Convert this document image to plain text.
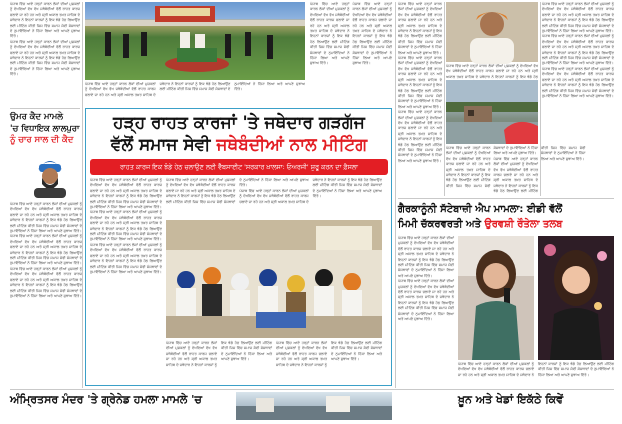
ਪੰਜਾਬ ਵਿੱਚ ਆਏ ਹੜ੍ਹਾਂ ਕਾਰਨ ਲੋਕਾਂ ਦੀਆਂ ਮੁਸ਼ਕਲਾਂ ਨੂੰ ਦੇਖਦਿਆਂ ਵੱਖ ਵੱਖ ਜਥੇਬੰਦੀਆਂ ਵੱਲੋਂ ਰਾਹਤ ਕਾਰਜ ਚਲਾਏ ਜਾ ਰਹੇ ਹਨ ਅਤੇ ਸ੍ਰੀ ਅਕਾਲ ਤਖ਼ਤ ਸਾਹਿਬ ਦੇ ਜਥੇਦਾਰ ਨੇ ਇਹਨਾਂ ਕਾਰਜਾਂ ਨੂੰ ਇਕ ਝੰਡੇ ਹੇਠ ਲਿਆਉਣ ਲਈ ਮੀਟਿੰਗ ਕੀਤੀ ਜਿਸ ਵਿੱਚ ਸਮਾਜ ਸੇਵੀ ਸੰਸਥਾਵਾਂ ਦੇ ਨੁਮਾਇੰਦਿਆਂ ਨੇ ਹਿੱਸਾ ਲਿਆ ਅਤੇ ਆਪਣੇ ਸੁਝਾਅ ਦਿੱਤੇ।

ਪੰਜਾਬ ਵਿੱਚ ਆਏ ਹੜ੍ਹਾਂ ਕਾਰਨ ਲੋਕਾਂ ਦੀਆਂ ਮੁਸ਼ਕਲਾਂ ਨੂੰ ਦੇਖਦਿਆਂ ਵੱਖ ਵੱਖ ਜਥੇਬੰਦੀਆਂ ਵੱਲੋਂ ਰਾਹਤ ਕਾਰਜ ਚਲਾਏ ਜਾ ਰਹੇ ਹਨ ਅਤੇ ਸ੍ਰੀ ਅਕਾਲ ਤਖ਼ਤ ਸਾਹਿਬ ਦੇ ਜਥੇਦਾਰ ਨੇ ਇਹਨਾਂ ਕਾਰਜਾਂ ਨੂੰ ਇਕ ਝੰਡੇ ਹੇਠ ਲਿਆਉਣ ਲਈ ਮੀਟਿੰਗ ਕੀਤੀ ਜਿਸ ਵਿੱਚ ਸਮਾਜ ਸੇਵੀ ਸੰਸਥਾਵਾਂ ਦੇ ਨੁਮਾਇੰਦਿਆਂ ਨੇ ਹਿੱਸਾ ਲਿਆ ਅਤੇ ਆਪਣੇ ਸੁਝਾਅ ਦਿੱਤੇ।

ਪੰਜਾਬ ਵਿੱਚ ਆਏ ਹੜ੍ਹਾਂ ਕਾਰਨ ਲੋਕਾਂ ਦੀਆਂ ਮੁਸ਼ਕਲਾਂ ਨੂੰ ਦੇਖਦਿਆਂ ਵੱਖ ਵੱਖ ਜਥੇਬੰਦੀਆਂ ਵੱਲੋਂ ਰਾਹਤ ਕਾਰਜ ਚਲਾਏ ਜਾ ਰਹੇ ਹਨ ਅਤੇ ਸ੍ਰੀ ਅਕਾਲ ਤਖ਼ਤ ਸਾਹਿਬ ਦੇ ਜਥੇਦਾਰ ਨੇ ਇਹਨਾਂ ਕਾਰਜਾਂ ਨੂੰ ਇਕ ਝੰਡੇ ਹੇਠ ਲਿਆਉਣ ਲਈ ਮੀਟਿੰਗ ਕੀਤੀ ਜਿਸ ਵਿੱਚ ਸਮਾਜ ਸੇਵੀ ਸੰਸਥਾਵਾਂ ਦੇ ਨੁਮਾਇੰਦਿਆਂ ਨੇ ਹਿੱਸਾ ਲਿਆ ਅਤੇ ਆਪਣੇ ਸੁਝਾਅ ਦਿੱਤੇ।

ਪੰਜਾਬ ਵਿੱਚ ਆਏ ਹੜ੍ਹਾਂ ਕਾਰਨ ਲੋਕਾਂ ਦੀਆਂ ਮੁਸ਼ਕਲਾਂ ਨੂੰ ਦੇਖਦਿਆਂ ਵੱਖ ਵੱਖ ਜਥੇਬੰਦੀਆਂ ਵੱਲੋਂ ਰਾਹਤ ਕਾਰਜ ਚਲਾਏ ਜਾ ਰਹੇ ਹਨ ਅਤੇ ਸ੍ਰੀ ਅਕਾਲ ਤਖ਼ਤ ਸਾਹਿਬ ਦੇ ਜਥੇਦਾਰ ਨੇ ਇਹਨਾਂ ਕਾਰਜਾਂ ਨੂੰ ਇਕ ਝੰਡੇ ਹੇਠ ਲਿਆਉਣ ਲਈ ਮੀਟਿੰਗ ਕੀਤੀ ਜਿਸ ਵਿੱਚ ਸਮਾਜ ਸੇਵੀ ਸੰਸਥਾਵਾਂ ਦੇ ਨੁਮਾਇੰਦਿਆਂ ਨੇ ਹਿੱਸਾ ਲਿਆ ਅਤੇ ਆਪਣੇ ਸੁਝਾਅ ਦਿੱਤੇ।

ਪੰਜਾਬ ਵਿੱਚ ਆਏ ਹੜ੍ਹਾਂ ਕਾਰਨ ਲੋਕਾਂ ਦੀਆਂ ਮੁਸ਼ਕਲਾਂ ਨੂੰ ਦੇਖਦਿਆਂ ਵੱਖ ਵੱਖ ਜਥੇਬੰਦੀਆਂ ਵੱਲੋਂ ਰਾਹਤ ਕਾਰਜ ਚਲਾਏ ਜਾ ਰਹੇ ਹਨ ਅਤੇ ਸ੍ਰੀ ਅਕਾਲ ਤਖ਼ਤ ਸਾਹਿਬ ਦੇ ਜਥੇਦਾਰ ਨੇ ਇਹਨਾਂ ਕਾਰਜਾਂ ਨੂੰ ਇਕ ਝੰਡੇ ਹੇਠ ਲਿਆਉਣ ਲਈ ਮੀਟਿੰਗ ਕੀਤੀ ਜਿਸ ਵਿੱਚ ਸਮਾਜ ਸੇਵੀ ਸੰਸਥਾਵਾਂ ਦੇ ਨੁਮਾਇੰਦਿਆਂ ਨੇ ਹਿੱਸਾ ਲਿਆ ਅਤੇ ਆਪਣੇ ਸੁਝਾਅ ਦਿੱਤੇ।

ਪੰਜਾਬ ਵਿੱਚ ਆਏ ਹੜ੍ਹਾਂ ਕਾਰਨ ਲੋਕਾਂ ਦੀਆਂ ਮੁਸ਼ਕਲਾਂ ਨੂੰ ਦੇਖਦਿਆਂ ਵੱਖ ਵੱਖ ਜਥੇਬੰਦੀਆਂ ਵੱਲੋਂ ਰਾਹਤ ਕਾਰਜ ਚਲਾਏ ਜਾ ਰਹੇ ਹਨ ਅਤੇ ਸ੍ਰੀ ਅਕਾਲ ਤਖ਼ਤ ਸਾਹਿਬ ਦੇ ਜਥੇਦਾਰ ਨੇ ਇਹਨਾਂ ਕਾਰਜਾਂ ਨੂੰ ਇਕ ਝੰਡੇ ਹੇਠ ਲਿਆਉਣ ਲਈ ਮੀਟਿੰਗ ਕੀਤੀ ਜਿਸ ਵਿੱਚ ਸਮਾਜ ਸੇਵੀ ਸੰਸਥਾਵਾਂ ਦੇ ਨੁਮਾਇੰਦਿਆਂ ਨੇ ਹਿੱਸਾ ਲਿਆ ਅਤੇ ਆਪਣੇ ਸੁਝਾਅ ਦਿੱਤੇ।

ਪੰਜਾਬ ਵਿੱਚ ਆਏ ਹੜ੍ਹਾਂ ਕਾਰਨ ਲੋਕਾਂ ਦੀਆਂ ਮੁਸ਼ਕਲਾਂ ਨੂੰ ਦੇਖਦਿਆਂ ਵੱਖ ਵੱਖ ਜਥੇਬੰਦੀਆਂ ਵੱਲੋਂ ਰਾਹਤ ਕਾਰਜ ਚਲਾਏ ਜਾ ਰਹੇ ਹਨ ਅਤੇ ਸ੍ਰੀ ਅਕਾਲ ਤਖ਼ਤ ਸਾਹਿਬ ਦੇ ਜਥੇਦਾਰ ਨੇ ਇਹਨਾਂ ਕਾਰਜਾਂ ਨੂੰ ਇਕ ਝੰਡੇ ਹੇਠ ਲਿਆਉਣ ਲਈ ਮੀਟਿੰਗ ਕੀਤੀ ਜਿਸ ਵਿੱਚ ਸਮਾਜ ਸੇਵੀ ਸੰਸਥਾਵਾਂ ਦੇ ਨੁਮਾਇੰਦਿਆਂ ਨੇ ਹਿੱਸਾ ਲਿਆ ਅਤੇ ਆਪਣੇ ਸੁਝਾਅ ਦਿੱਤੇ।

ਪੰਜਾਬ ਵਿੱਚ ਆਏ ਹੜ੍ਹਾਂ ਕਾਰਨ ਲੋਕਾਂ ਦੀਆਂ ਮੁਸ਼ਕਲਾਂ ਨੂੰ ਦੇਖਦਿਆਂ ਵੱਖ ਵੱਖ ਜਥੇਬੰਦੀਆਂ ਵੱਲੋਂ ਰਾਹਤ ਕਾਰਜ ਚਲਾਏ ਜਾ ਰਹੇ ਹਨ ਅਤੇ ਸ੍ਰੀ ਅਕਾਲ ਤਖ਼ਤ ਸਾਹਿਬ ਦੇ ਜਥੇਦਾਰ ਨੇ ਇਹਨਾਂ ਕਾਰਜਾਂ ਨੂੰ ਇਕ ਝੰਡੇ ਹੇਠ ਲਿਆਉਣ ਲਈ ਮੀਟਿੰਗ ਕੀਤੀ ਜਿਸ ਵਿੱਚ ਸਮਾਜ ਸੇਵੀ ਸੰਸਥਾਵਾਂ ਦੇ ਨੁਮਾਇੰਦਿਆਂ ਨੇ ਹਿੱਸਾ ਲਿਆ ਅਤੇ ਆਪਣੇ ਸੁਝਾਅ ਦਿੱਤੇ।

ਪੰਜਾਬ ਵਿੱਚ ਆਏ ਹੜ੍ਹਾਂ ਕਾਰਨ ਲੋਕਾਂ ਦੀਆਂ ਮੁਸ਼ਕਲਾਂ ਨੂੰ ਦੇਖਦਿਆਂ ਵੱਖ ਵੱਖ ਜਥੇਬੰਦੀਆਂ ਵੱਲੋਂ ਰਾਹਤ ਕਾਰਜ ਚਲਾਏ ਜਾ ਰਹੇ ਹਨ ਅਤੇ ਸ੍ਰੀ ਅਕਾਲ ਤਖ਼ਤ ਸਾਹਿਬ ਦੇ ਜਥੇਦਾਰ ਨੇ ਇਹਨਾਂ ਕਾਰਜਾਂ ਨੂੰ ਇਕ ਝੰਡੇ ਹੇਠ

ਪੰਜਾਬ ਵਿੱਚ ਆਏ ਹੜ੍ਹਾਂ ਕਾਰਨ ਲੋਕਾਂ ਦੀਆਂ ਮੁਸ਼ਕਲਾਂ ਨੂੰ ਦੇਖਦਿਆਂ ਵੱਖ ਵੱਖ ਜਥੇਬੰਦੀਆਂ ਵੱਲੋਂ ਰਾਹਤ ਕਾਰਜ ਚਲਾਏ ਜਾ ਰਹੇ ਹਨ ਅਤੇ ਸ੍ਰੀ ਅਕਾਲ ਤਖ਼ਤ ਸਾਹਿਬ ਦੇ ਜਥੇਦਾਰ ਨੇ ਇਹਨਾਂ ਕਾਰਜਾਂ ਨੂੰ ਇਕ ਝੰਡੇ ਹੇਠ ਲਿਆਉਣ ਲਈ ਮੀਟਿੰਗ ਕੀਤੀ ਜਿਸ ਵਿੱਚ ਸਮਾਜ ਸੇਵੀ ਸੰਸਥਾਵਾਂ ਦੇ ਨੁਮਾਇੰਦਿਆਂ ਨੇ ਹਿੱਸਾ ਲਿਆ ਅਤੇ ਆਪਣੇ ਸੁਝਾਅ ਦਿੱਤੇ।

ਪੰਜਾਬ ਵਿੱਚ ਆਏ ਹੜ੍ਹਾਂ ਕਾਰਨ ਲੋਕਾਂ ਦੀਆਂ ਮੁਸ਼ਕਲਾਂ ਨੂੰ ਦੇਖਦਿਆਂ ਵੱਖ ਵੱਖ ਜਥੇਬੰਦੀਆਂ ਵੱਲੋਂ ਰਾਹਤ ਕਾਰਜ ਚਲਾਏ ਜਾ ਰਹੇ ਹਨ ਅਤੇ ਸ੍ਰੀ ਅਕਾਲ ਤਖ਼ਤ ਸਾਹਿਬ ਦੇ ਜਥੇਦਾਰ ਨੇ ਇਹਨਾਂ ਕਾਰਜਾਂ ਨੂੰ ਇਕ ਝੰਡੇ ਹੇਠ ਲਿਆਉਣ ਲਈ ਮੀਟਿੰਗ ਕੀਤੀ ਜਿਸ ਵਿੱਚ ਸਮਾਜ ਸੇਵੀ ਸੰਸਥਾਵਾਂ ਦੇ ਨੁਮਾਇੰਦਿਆਂ ਨੇ ਹਿੱਸਾ ਲਿਆ ਅਤੇ ਆਪਣੇ ਸੁਝਾਅ ਦਿੱਤੇ।

ਪੰਜਾਬ ਵਿੱਚ ਆਏ ਹੜ੍ਹਾਂ ਕਾਰਨ ਲੋਕਾਂ ਦੀਆਂ ਮੁਸ਼ਕਲਾਂ ਨੂੰ ਦੇਖਦਿਆਂ ਵੱਖ ਵੱਖ ਜਥੇਬੰਦੀਆਂ ਵੱਲੋਂ ਰਾਹਤ ਕਾਰਜ ਚਲਾਏ ਜਾ ਰਹੇ ਹਨ ਅਤੇ ਸ੍ਰੀ ਅਕਾਲ ਤਖ਼ਤ ਸਾਹਿਬ ਦੇ ਜਥੇਦਾਰ ਨੇ ਇਹਨਾਂ ਕਾਰਜਾਂ ਨੂੰ ਇਕ ਝੰਡੇ ਹੇਠ ਲਿਆਉਣ ਲਈ ਮੀਟਿੰਗ ਕੀਤੀ ਜਿਸ ਵਿੱਚ ਸਮਾਜ ਸੇਵੀ ਸੰਸਥਾਵਾਂ ਦੇ ਨੁਮਾਇੰਦਿਆਂ ਨੇ ਹਿੱਸਾ ਲਿਆ ਅਤੇ ਆਪਣੇ ਸੁਝਾਅ ਦਿੱਤੇ।

ਪੰਜਾਬ ਵਿੱਚ ਆਏ ਹੜ੍ਹਾਂ ਕਾਰਨ ਲੋਕਾਂ ਦੀਆਂ ਮੁਸ਼ਕਲਾਂ ਨੂੰ ਦੇਖਦਿਆਂ ਵੱਖ ਵੱਖ ਜਥੇਬੰਦੀਆਂ ਵੱਲੋਂ ਰਾਹਤ ਕਾਰਜ ਚਲਾਏ ਜਾ ਰਹੇ ਹਨ ਅਤੇ ਸ੍ਰੀ ਅਕਾਲ ਤਖ਼ਤ ਸਾਹਿਬ ਦੇ ਜਥੇਦਾਰ ਨੇ ਇਹਨਾਂ ਕਾਰਜਾਂ ਨੂੰ ਇਕ ਝੰਡੇ ਹੇਠ ਲਿਆਉਣ ਲਈ ਮੀਟਿੰਗ ਕੀਤੀ ਜਿਸ ਵਿੱਚ ਸਮਾਜ ਸੇਵੀ ਸੰਸਥਾਵਾਂ ਦੇ ਨੁਮਾਇੰਦਿਆਂ ਨੇ ਹਿੱਸਾ ਲਿਆ ਅਤੇ ਆਪਣੇ ਸੁਝਾਅ ਦਿੱਤੇ।

ਪੰਜਾਬ ਵਿੱਚ ਆਏ ਹੜ੍ਹਾਂ ਕਾਰਨ ਲੋਕਾਂ ਦੀਆਂ ਮੁਸ਼ਕਲਾਂ ਨੂੰ ਦੇਖਦਿਆਂ ਵੱਖ ਵੱਖ ਜਥੇਬੰਦੀਆਂ ਵੱਲੋਂ ਰਾਹਤ ਕਾਰਜ ਚਲਾਏ ਜਾ ਰਹੇ ਹਨ ਅਤੇ ਸ੍ਰੀ ਅਕਾਲ ਤਖ਼ਤ ਸਾਹਿਬ ਦੇ ਜਥੇਦਾਰ ਨੇ ਇਹਨਾਂ ਕਾਰਜਾਂ ਨੂੰ ਇਕ ਝੰਡੇ ਹੇਠ ਲਿਆਉਣ ਲਈ ਮੀਟਿੰਗ ਕੀਤੀ ਜਿਸ ਵਿੱਚ ਸਮਾਜ ਸੇਵੀ ਸੰਸਥਾਵਾਂ ਦੇ ਨੁਮਾਇੰਦਿਆਂ ਨੇ ਹਿੱਸਾ ਲਿਆ ਅਤੇ ਆਪਣੇ ਸੁਝਾਅ ਦਿੱਤੇ।

ਹੜ੍ਹ ਰਾਹਤ ਕਾਰਜਾਂ 'ਤੇ ਜਥੇਦਾਰ ਗੜਗੱਜ
ਵੱਲੋਂ ਸਮਾਜ ਸੇਵੀ ਜਥੇਬੰਦੀਆਂ ਨਾਲ ਮੀਟਿੰਗ
ਰਾਹਤ ਕਾਰਜ ਇਕ ਝੰਡੇ ਹੇਠ ਚਲਾਉਣ ਲਈ ਵੈੱਬਸਾਈਟ 'ਸਰਕਾਰ ਖ਼ਾਲਸਾ: ਓਅਰਜੀ' ਸ਼ੁਰੂ ਕਰਨ ਦਾ ਫ਼ੈਸਲਾ

ਪੰਜਾਬ ਵਿੱਚ ਆਏ ਹੜ੍ਹਾਂ ਕਾਰਨ ਲੋਕਾਂ ਦੀਆਂ ਮੁਸ਼ਕਲਾਂ ਨੂੰ ਦੇਖਦਿਆਂ ਵੱਖ ਵੱਖ ਜਥੇਬੰਦੀਆਂ ਵੱਲੋਂ ਰਾਹਤ ਕਾਰਜ ਚਲਾਏ ਜਾ ਰਹੇ ਹਨ ਅਤੇ ਸ੍ਰੀ ਅਕਾਲ ਤਖ਼ਤ ਸਾਹਿਬ ਦੇ ਜਥੇਦਾਰ ਨੇ ਇਹਨਾਂ ਕਾਰਜਾਂ ਨੂੰ ਇਕ ਝੰਡੇ ਹੇਠ ਲਿਆਉਣ ਲਈ ਮੀਟਿੰਗ ਕੀਤੀ ਜਿਸ ਵਿੱਚ ਸਮਾਜ ਸੇਵੀ ਸੰਸਥਾਵਾਂ ਦੇ ਨੁਮਾਇੰਦਿਆਂ ਨੇ ਹਿੱਸਾ ਲਿਆ ਅਤੇ ਆਪਣੇ ਸੁਝਾਅ ਦਿੱਤੇ।

ਪੰਜਾਬ ਵਿੱਚ ਆਏ ਹੜ੍ਹਾਂ ਕਾਰਨ ਲੋਕਾਂ ਦੀਆਂ ਮੁਸ਼ਕਲਾਂ ਨੂੰ ਦੇਖਦਿਆਂ ਵੱਖ ਵੱਖ ਜਥੇਬੰਦੀਆਂ ਵੱਲੋਂ ਰਾਹਤ ਕਾਰਜ ਚਲਾਏ ਜਾ ਰਹੇ ਹਨ ਅਤੇ ਸ੍ਰੀ ਅਕਾਲ ਤਖ਼ਤ ਸਾਹਿਬ ਦੇ ਜਥੇਦਾਰ ਨੇ ਇਹਨਾਂ ਕਾਰਜਾਂ ਨੂੰ ਇਕ ਝੰਡੇ ਹੇਠ ਲਿਆਉਣ ਲਈ ਮੀਟਿੰਗ ਕੀਤੀ ਜਿਸ ਵਿੱਚ ਸਮਾਜ ਸੇਵੀ ਸੰਸਥਾਵਾਂ ਦੇ ਨੁਮਾਇੰਦਿਆਂ ਨੇ ਹਿੱਸਾ ਲਿਆ ਅਤੇ ਆਪਣੇ ਸੁਝਾਅ ਦਿੱਤੇ।

ਪੰਜਾਬ ਵਿੱਚ ਆਏ ਹੜ੍ਹਾਂ ਕਾਰਨ ਲੋਕਾਂ ਦੀਆਂ ਮੁਸ਼ਕਲਾਂ ਨੂੰ ਦੇਖਦਿਆਂ ਵੱਖ ਵੱਖ ਜਥੇਬੰਦੀਆਂ ਵੱਲੋਂ ਰਾਹਤ ਕਾਰਜ ਚਲਾਏ ਜਾ ਰਹੇ ਹਨ ਅਤੇ ਸ੍ਰੀ ਅਕਾਲ ਤਖ਼ਤ ਸਾਹਿਬ ਦੇ ਜਥੇਦਾਰ ਨੇ ਇਹਨਾਂ ਕਾਰਜਾਂ ਨੂੰ ਇਕ ਝੰਡੇ ਹੇਠ ਲਿਆਉਣ ਲਈ ਮੀਟਿੰਗ ਕੀਤੀ ਜਿਸ ਵਿੱਚ ਸਮਾਜ ਸੇਵੀ ਸੰਸਥਾਵਾਂ ਦੇ ਨੁਮਾਇੰਦਿਆਂ ਨੇ ਹਿੱਸਾ ਲਿਆ ਅਤੇ ਆਪਣੇ ਸੁਝਾਅ ਦਿੱਤੇ।

ਪੰਜਾਬ ਵਿੱਚ ਆਏ ਹੜ੍ਹਾਂ ਕਾਰਨ ਲੋਕਾਂ ਦੀਆਂ ਮੁਸ਼ਕਲਾਂ ਨੂੰ ਦੇਖਦਿਆਂ ਵੱਖ ਵੱਖ ਜਥੇਬੰਦੀਆਂ ਵੱਲੋਂ ਰਾਹਤ ਕਾਰਜ ਚਲਾਏ ਜਾ ਰਹੇ ਹਨ ਅਤੇ ਸ੍ਰੀ ਅਕਾਲ ਤਖ਼ਤ ਸਾਹਿਬ ਦੇ ਜਥੇਦਾਰ ਨੇ ਇਹਨਾਂ ਕਾਰਜਾਂ ਨੂੰ ਇਕ ਝੰਡੇ ਹੇਠ ਲਿਆਉਣ ਲਈ ਮੀਟਿੰਗ ਕੀਤੀ ਜਿਸ ਵਿੱਚ ਸਮਾਜ ਸੇਵੀ ਸੰਸਥਾਵਾਂ ਦੇ ਨੁਮਾਇੰਦਿਆਂ ਨੇ ਹਿੱਸਾ ਲਿਆ ਅਤੇ ਆਪਣੇ ਸੁਝਾਅ ਦਿੱਤੇ।

ਪੰਜਾਬ ਵਿੱਚ ਆਏ ਹੜ੍ਹਾਂ ਕਾਰਨ ਲੋਕਾਂ ਦੀਆਂ ਮੁਸ਼ਕਲਾਂ ਨੂੰ ਦੇਖਦਿਆਂ ਵੱਖ ਵੱਖ ਜਥੇਬੰਦੀਆਂ ਵੱਲੋਂ ਰਾਹਤ ਕਾਰਜ ਚਲਾਏ ਜਾ ਰਹੇ ਹਨ ਅਤੇ ਸ੍ਰੀ ਅਕਾਲ ਤਖ਼ਤ ਸਾਹਿਬ ਦੇ ਜਥੇਦਾਰ ਨੇ ਇਹਨਾਂ ਕਾਰਜਾਂ ਨੂੰ ਇਕ ਝੰਡੇ ਹੇਠ ਲਿਆਉਣ ਲਈ ਮੀਟਿੰਗ ਕੀਤੀ ਜਿਸ ਵਿੱਚ ਸਮਾਜ ਸੇਵੀ ਸੰਸਥਾਵਾਂ ਦੇ ਨੁਮਾਇੰਦਿਆਂ ਨੇ ਹਿੱਸਾ ਲਿਆ ਅਤੇ ਆਪਣੇ ਸੁਝਾਅ ਦਿੱਤੇ।

ਪੰਜਾਬ ਵਿੱਚ ਆਏ ਹੜ੍ਹਾਂ ਕਾਰਨ ਲੋਕਾਂ ਦੀਆਂ ਮੁਸ਼ਕਲਾਂ ਨੂੰ ਦੇਖਦਿਆਂ ਵੱਖ ਵੱਖ ਜਥੇਬੰਦੀਆਂ ਵੱਲੋਂ ਰਾਹਤ ਕਾਰਜ ਚਲਾਏ ਜਾ ਰਹੇ ਹਨ ਅਤੇ ਸ੍ਰੀ ਅਕਾਲ ਤਖ਼ਤ ਸਾਹਿਬ ਦੇ ਜਥੇਦਾਰ ਨੇ ਇਹਨਾਂ ਕਾਰਜਾਂ ਨੂੰ ਇਕ ਝੰਡੇ ਹੇਠ ਲਿਆਉਣ ਲਈ ਮੀਟਿੰਗ ਕੀਤੀ ਜਿਸ ਵਿੱਚ ਸਮਾਜ ਸੇਵੀ ਸੰਸਥਾਵਾਂ ਦੇ ਨੁਮਾਇੰਦਿਆਂ ਨੇ ਹਿੱਸਾ ਲਿਆ ਅਤੇ ਆਪਣੇ ਸੁਝਾਅ ਦਿੱਤੇ।

ਪੰਜਾਬ ਵਿੱਚ ਆਏ ਹੜ੍ਹਾਂ ਕਾਰਨ ਲੋਕਾਂ ਦੀਆਂ ਮੁਸ਼ਕਲਾਂ ਨੂੰ ਦੇਖਦਿਆਂ ਵੱਖ ਵੱਖ ਜਥੇਬੰਦੀਆਂ ਵੱਲੋਂ ਰਾਹਤ ਕਾਰਜ ਚਲਾਏ ਜਾ ਰਹੇ ਹਨ ਅਤੇ ਸ੍ਰੀ ਅਕਾਲ ਤਖ਼ਤ ਸਾਹਿਬ ਦੇ ਜਥੇਦਾਰ ਨੇ ਇਹਨਾਂ ਕਾਰਜਾਂ ਨੂੰ ਇਕ ਝੰਡੇ ਹੇਠ ਲਿਆਉਣ ਲਈ ਮੀਟਿੰਗ ਕੀਤੀ ਜਿਸ ਵਿੱਚ ਸਮਾਜ ਸੇਵੀ ਸੰਸਥਾਵਾਂ ਦੇ ਨੁਮਾਇੰਦਿਆਂ ਨੇ ਹਿੱਸਾ ਲਿਆ ਅਤੇ ਆਪਣੇ ਸੁਝਾਅ ਦਿੱਤੇ।

ਉਮਰ ਕੈਦ ਮਾਮਲੇ
'ਚ ਵਿਧਾਇਕ ਲਾਲਪੁਰਾ
ਨੂੰ ਚਾਰ ਸਾਲ ਦੀ ਕੈਦ

ਪੰਜਾਬ ਵਿੱਚ ਆਏ ਹੜ੍ਹਾਂ ਕਾਰਨ ਲੋਕਾਂ ਦੀਆਂ ਮੁਸ਼ਕਲਾਂ ਨੂੰ ਦੇਖਦਿਆਂ ਵੱਖ ਵੱਖ ਜਥੇਬੰਦੀਆਂ ਵੱਲੋਂ ਰਾਹਤ ਕਾਰਜ ਚਲਾਏ ਜਾ ਰਹੇ ਹਨ ਅਤੇ ਸ੍ਰੀ ਅਕਾਲ ਤਖ਼ਤ ਸਾਹਿਬ ਦੇ ਜਥੇਦਾਰ ਨੇ ਇਹਨਾਂ ਕਾਰਜਾਂ ਨੂੰ ਇਕ ਝੰਡੇ ਹੇਠ ਲਿਆਉਣ ਲਈ ਮੀਟਿੰਗ ਕੀਤੀ ਜਿਸ ਵਿੱਚ ਸਮਾਜ ਸੇਵੀ ਸੰਸਥਾਵਾਂ ਦੇ ਨੁਮਾਇੰਦਿਆਂ ਨੇ ਹਿੱਸਾ ਲਿਆ ਅਤੇ ਆਪਣੇ ਸੁਝਾਅ ਦਿੱਤੇ।

ਪੰਜਾਬ ਵਿੱਚ ਆਏ ਹੜ੍ਹਾਂ ਕਾਰਨ ਲੋਕਾਂ ਦੀਆਂ ਮੁਸ਼ਕਲਾਂ ਨੂੰ ਦੇਖਦਿਆਂ ਵੱਖ ਵੱਖ ਜਥੇਬੰਦੀਆਂ ਵੱਲੋਂ ਰਾਹਤ ਕਾਰਜ ਚਲਾਏ ਜਾ ਰਹੇ ਹਨ ਅਤੇ ਸ੍ਰੀ ਅਕਾਲ ਤਖ਼ਤ ਸਾਹਿਬ ਦੇ ਜਥੇਦਾਰ ਨੇ ਇਹਨਾਂ ਕਾਰਜਾਂ ਨੂੰ ਇਕ ਝੰਡੇ ਹੇਠ ਲਿਆਉਣ ਲਈ ਮੀਟਿੰਗ ਕੀਤੀ ਜਿਸ ਵਿੱਚ ਸਮਾਜ ਸੇਵੀ ਸੰਸਥਾਵਾਂ ਦੇ ਨੁਮਾਇੰਦਿਆਂ ਨੇ ਹਿੱਸਾ ਲਿਆ ਅਤੇ ਆਪਣੇ ਸੁਝਾਅ ਦਿੱਤੇ।

ਪੰਜਾਬ ਵਿੱਚ ਆਏ ਹੜ੍ਹਾਂ ਕਾਰਨ ਲੋਕਾਂ ਦੀਆਂ ਮੁਸ਼ਕਲਾਂ ਨੂੰ ਦੇਖਦਿਆਂ ਵੱਖ ਵੱਖ ਜਥੇਬੰਦੀਆਂ ਵੱਲੋਂ ਰਾਹਤ ਕਾਰਜ ਚਲਾਏ ਜਾ ਰਹੇ ਹਨ ਅਤੇ ਸ੍ਰੀ ਅਕਾਲ ਤਖ਼ਤ ਸਾਹਿਬ ਦੇ ਜਥੇਦਾਰ ਨੇ ਇਹਨਾਂ ਕਾਰਜਾਂ ਨੂੰ ਇਕ ਝੰਡੇ ਹੇਠ ਲਿਆਉਣ ਲਈ ਮੀਟਿੰਗ ਕੀਤੀ ਜਿਸ ਵਿੱਚ ਸਮਾਜ ਸੇਵੀ ਸੰਸਥਾਵਾਂ ਦੇ ਨੁਮਾਇੰਦਿਆਂ ਨੇ ਹਿੱਸਾ ਲਿਆ ਅਤੇ ਆਪਣੇ ਸੁਝਾਅ ਦਿੱਤੇ।

ਗੈਰਕਾਨੂੰਨੀ ਸੱਟੇਬਾਜ਼ੀ ਐਪ ਮਾਮਲਾ: ਈਡੀ ਵੱਲੋਂ
ਮਿਮੀ ਚੱਕਰਵਰਤੀ ਅਤੇ ਉਰਵਸ਼ੀ ਰੌਤੇਲਾ ਤਲਬ

ਪੰਜਾਬ ਵਿੱਚ ਆਏ ਹੜ੍ਹਾਂ ਕਾਰਨ ਲੋਕਾਂ ਦੀਆਂ ਮੁਸ਼ਕਲਾਂ ਨੂੰ ਦੇਖਦਿਆਂ ਵੱਖ ਵੱਖ ਜਥੇਬੰਦੀਆਂ ਵੱਲੋਂ ਰਾਹਤ ਕਾਰਜ ਚਲਾਏ ਜਾ ਰਹੇ ਹਨ ਅਤੇ ਸ੍ਰੀ ਅਕਾਲ ਤਖ਼ਤ ਸਾਹਿਬ ਦੇ ਜਥੇਦਾਰ ਨੇ ਇਹਨਾਂ ਕਾਰਜਾਂ ਨੂੰ ਇਕ ਝੰਡੇ ਹੇਠ ਲਿਆਉਣ ਲਈ ਮੀਟਿੰਗ ਕੀਤੀ ਜਿਸ ਵਿੱਚ ਸਮਾਜ ਸੇਵੀ ਸੰਸਥਾਵਾਂ ਦੇ ਨੁਮਾਇੰਦਿਆਂ ਨੇ ਹਿੱਸਾ ਲਿਆ ਅਤੇ ਆਪਣੇ ਸੁਝਾਅ ਦਿੱਤੇ।

ਪੰਜਾਬ ਵਿੱਚ ਆਏ ਹੜ੍ਹਾਂ ਕਾਰਨ ਲੋਕਾਂ ਦੀਆਂ ਮੁਸ਼ਕਲਾਂ ਨੂੰ ਦੇਖਦਿਆਂ ਵੱਖ ਵੱਖ ਜਥੇਬੰਦੀਆਂ ਵੱਲੋਂ ਰਾਹਤ ਕਾਰਜ ਚਲਾਏ ਜਾ ਰਹੇ ਹਨ ਅਤੇ ਸ੍ਰੀ ਅਕਾਲ ਤਖ਼ਤ ਸਾਹਿਬ ਦੇ ਜਥੇਦਾਰ ਨੇ ਇਹਨਾਂ ਕਾਰਜਾਂ ਨੂੰ ਇਕ ਝੰਡੇ ਹੇਠ ਲਿਆਉਣ ਲਈ ਮੀਟਿੰਗ ਕੀਤੀ ਜਿਸ ਵਿੱਚ ਸਮਾਜ ਸੇਵੀ ਸੰਸਥਾਵਾਂ ਦੇ ਨੁਮਾਇੰਦਿਆਂ ਨੇ ਹਿੱਸਾ ਲਿਆ ਅਤੇ ਆਪਣੇ ਸੁਝਾਅ ਦਿੱਤੇ।

ਪੰਜਾਬ ਵਿੱਚ ਆਏ ਹੜ੍ਹਾਂ ਕਾਰਨ ਲੋਕਾਂ ਦੀਆਂ ਮੁਸ਼ਕਲਾਂ ਨੂੰ ਦੇਖਦਿਆਂ ਵੱਖ ਵੱਖ ਜਥੇਬੰਦੀਆਂ ਵੱਲੋਂ ਰਾਹਤ ਕਾਰਜ ਚਲਾਏ ਜਾ ਰਹੇ ਹਨ ਅਤੇ ਸ੍ਰੀ ਅਕਾਲ ਤਖ਼ਤ ਸਾਹਿਬ ਦੇ ਜਥੇਦਾਰ ਨੇ ਇਹਨਾਂ ਕਾਰਜਾਂ ਨੂੰ ਇਕ ਝੰਡੇ ਹੇਠ ਲਿਆਉਣ ਲਈ ਮੀਟਿੰਗ ਕੀਤੀ ਜਿਸ ਵਿੱਚ ਸਮਾਜ ਸੇਵੀ ਸੰਸਥਾਵਾਂ ਦੇ ਨੁਮਾਇੰਦਿਆਂ ਨੇ ਹਿੱਸਾ ਲਿਆ ਅਤੇ ਆਪਣੇ ਸੁਝਾਅ ਦਿੱਤੇ।

ਅੰਮ੍ਰਿਤਸਰ ਮੰਦਰ 'ਤੇ ਗ੍ਰੇਨੇਡ ਹਮਲਾ ਮਾਮਲੇ 'ਚ	ਖ਼ੂਨ ਅਤੇ ਖੇਡਾਂ ਇਕੱਠੇ ਕਿਵੇਂ
